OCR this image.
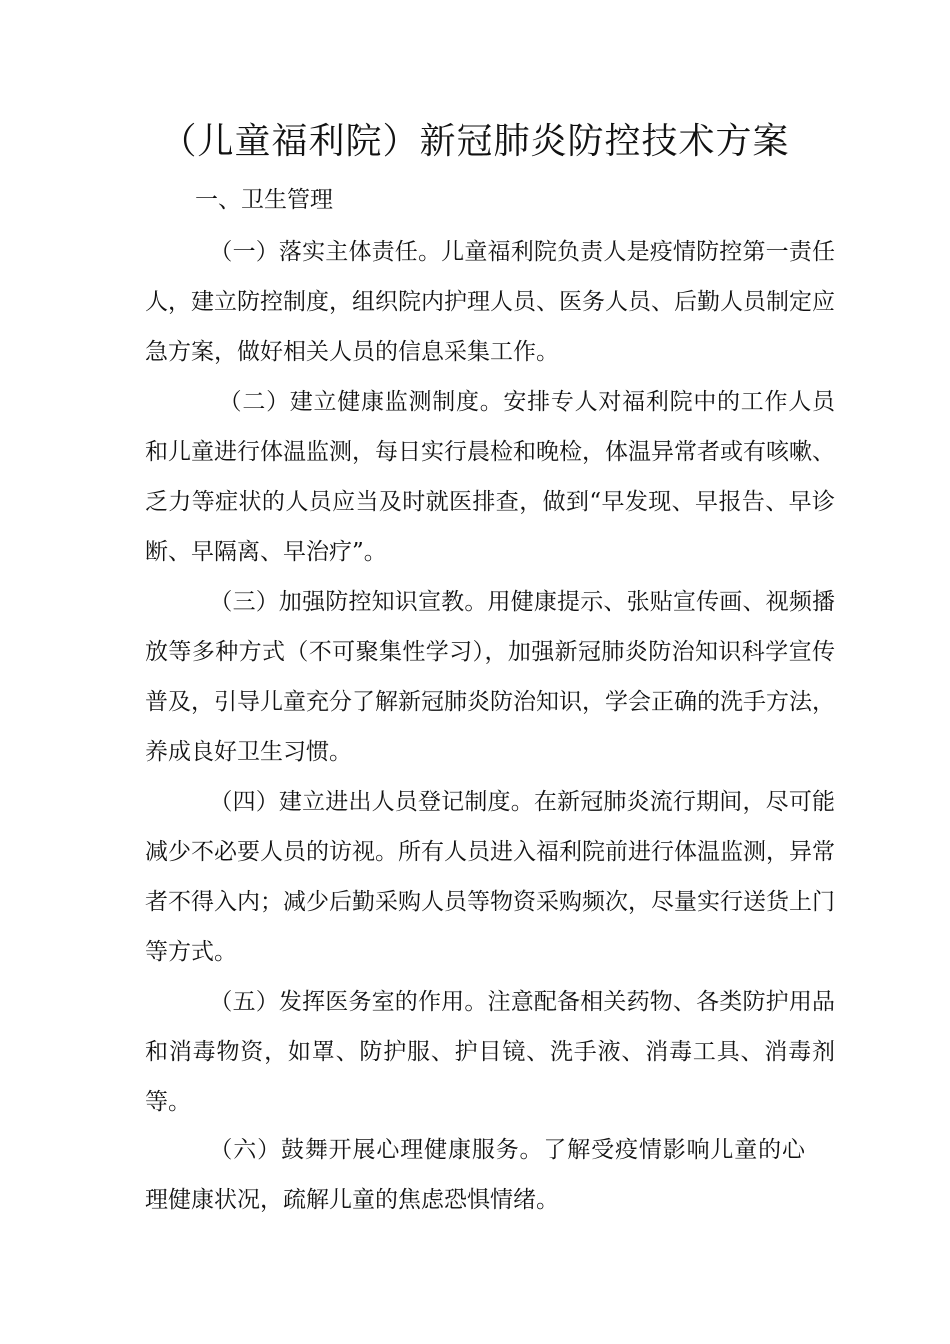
（儿童福利院）新冠肺炎防控技术方案

一、卫生管理

（一）落实主体责任。儿童福利院负责人是疫情防控第一责任人，建立防控制度，组织院内护理人员、医务人员、后勤人员制定应急方案，做好相关人员的信息采集工作。

（二）建立健康监测制度。安排专人对福利院中的工作人员和儿童进行体温监测，每日实行晨检和晚检，体温异常者或有咳嗽、乏力等症状的人员应当及时就医排查，做到“早发现、早报告、早诊断、早隔离、早治疗”。

（三）加强防控知识宣教。用健康提示、张贴宣传画、视频播放等多种方式（不可聚集性学习），加强新冠肺炎防治知识科学宣传普及，引导儿童充分了解新冠肺炎防治知识，学会正确的洗手方法，养成良好卫生习惯。

（四）建立进出人员登记制度。在新冠肺炎流行期间，尽可能减少不必要人员的访视。所有人员进入福利院前进行体温监测，异常者不得入内；减少后勤采购人员等物资采购频次，尽量实行送货上门等方式。

（五）发挥医务室的作用。注意配备相关药物、各类防护用品和消毒物资，如罩、防护服、护目镜、洗手液、消毒工具、消毒剂等。

（六）鼓舞开展心理健康服务。了解受疫情影响儿童的心理健康状况，疏解儿童的焦虑恐惧情绪。
